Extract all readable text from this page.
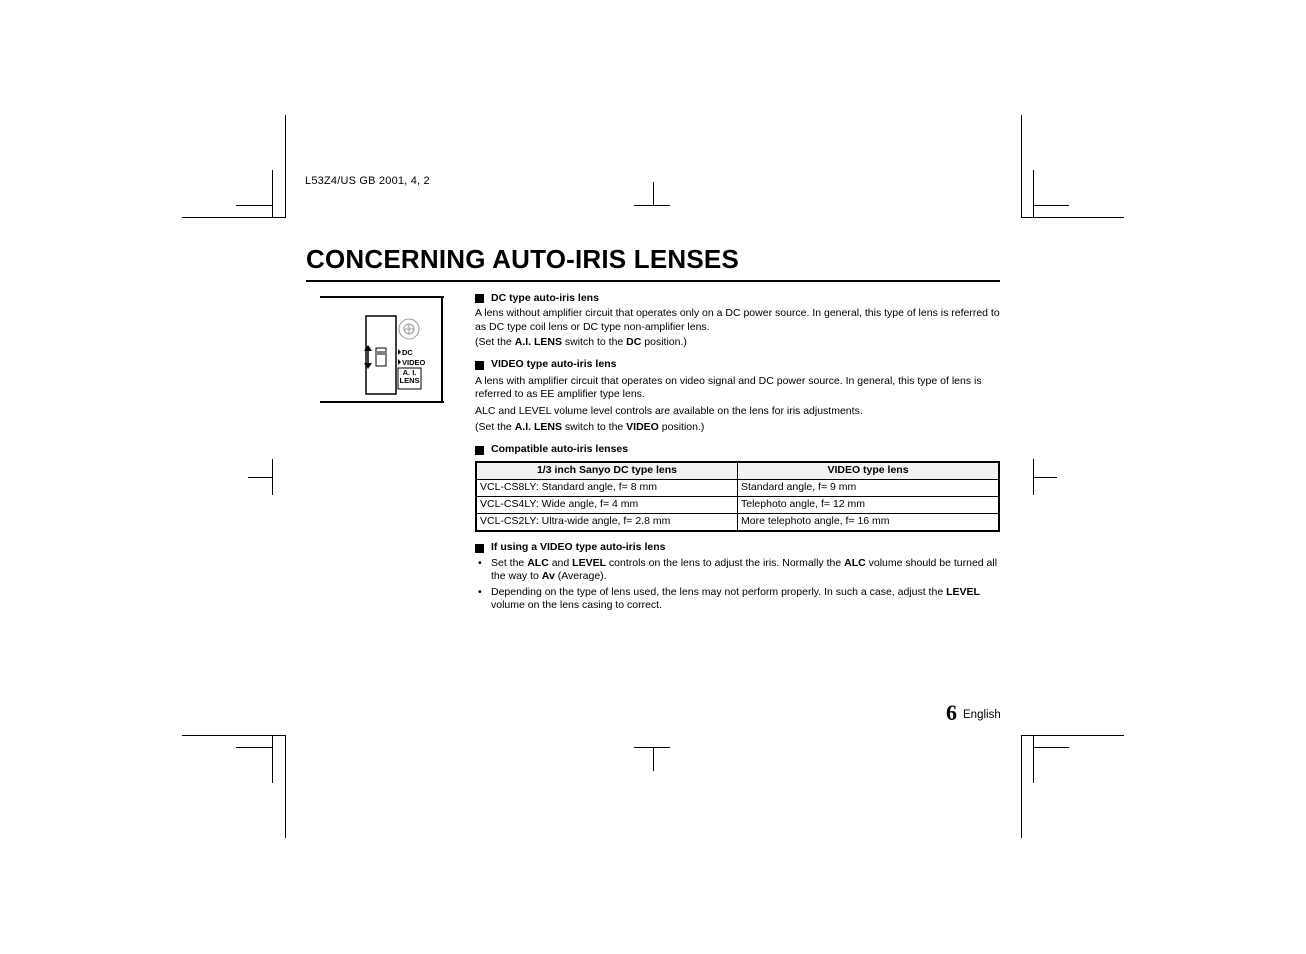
L53Z4/US GB 2001, 4, 2
CONCERNING AUTO-IRIS LENSES
DC
VIDEO
A. I.
LENS
DC type auto-iris lens

A lens without amplifier circuit that operates only on a DC power source. In general, this type of lens is referred to as DC type coil lens or DC type non-amplifier lens.

(Set the A.I. LENS switch to the DC position.)

VIDEO type auto-iris lens

A lens with amplifier circuit that operates on video signal and DC power source. In general, this type of lens is referred to as EE amplifier type lens.

ALC and LEVEL volume level controls are available on the lens for iris adjustments.

(Set the A.I. LENS switch to the VIDEO position.)

Compatible auto-iris lenses
1/3 inch Sanyo DC type lens	VIDEO type lens
VCL-CS8LY: Standard angle, f= 8 mm	Standard angle, f= 9 mm
VCL-CS4LY: Wide angle, f= 4 mm	Telephoto angle, f= 12 mm
VCL-CS2LY: Ultra-wide angle, f= 2.8 mm	More telephoto angle, f= 16 mm
If using a VIDEO type auto-iris lens
• Set the ALC and LEVEL controls on the lens to adjust the iris. Normally the ALC volume should be turned all the way to Av (Average).
• Depending on the type of lens used, the lens may not perform properly. In such a case, adjust the LEVEL volume on the lens casing to correct.
6 English
